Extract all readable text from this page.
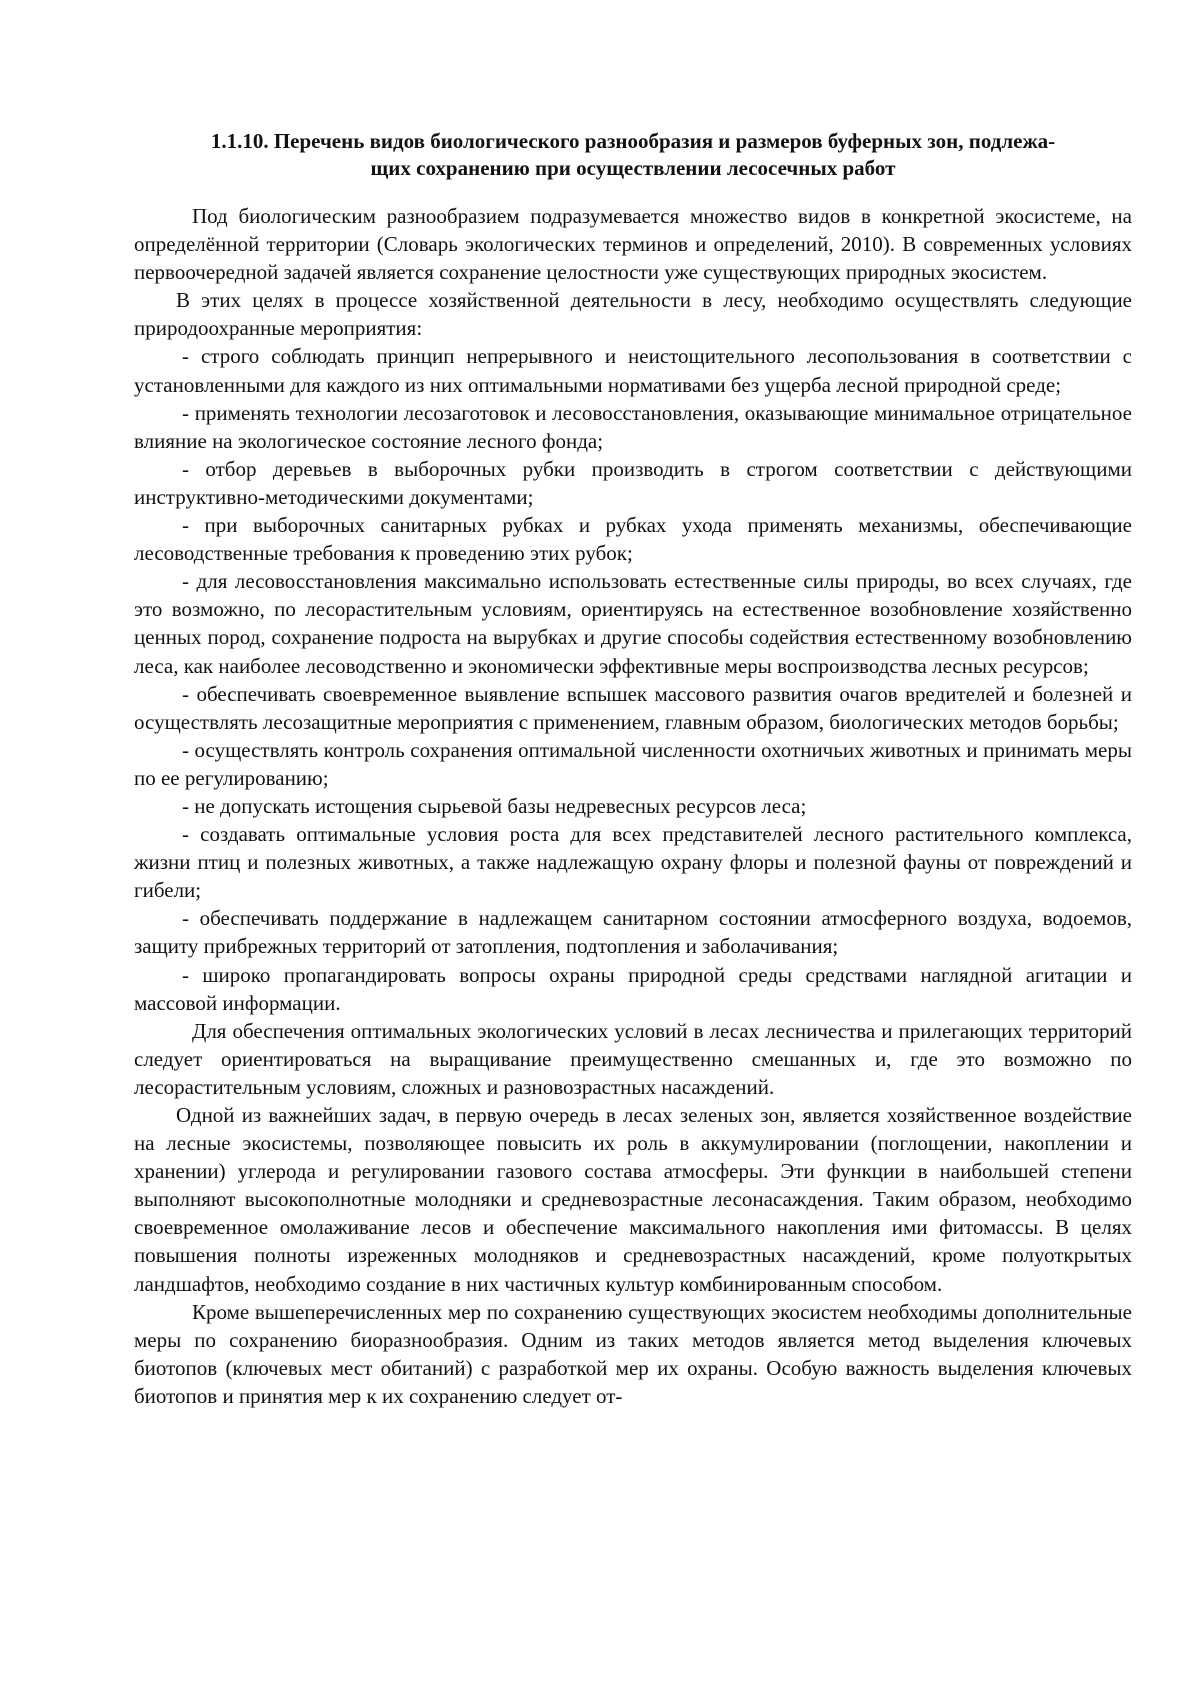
1.1.10. Перечень видов биологического разнообразия и размеров буферных зон, подлежа-
щих сохранению при осуществлении лесосечных работ

Под биологическим разнообразием подразумевается множество видов в конкретной экосистеме, на определённой территории (Словарь экологических терминов и определений, 2010). В современных условиях первоочередной задачей является сохранение целостности уже существующих природных экосистем.

В этих целях в процессе хозяйственной деятельности в лесу, необходимо осуществлять следующие природоохранные мероприятия:

- строго соблюдать принцип непрерывного и неистощительного лесопользования в соответствии с установленными для каждого из них оптимальными нормативами без ущерба лесной природной среде;

- применять технологии лесозаготовок и лесовосстановления, оказывающие минимальное отрицательное влияние на экологическое состояние лесного фонда;

- отбор деревьев в выборочных рубки производить в строгом соответствии с действующими инструктивно-методическими документами;

- при выборочных санитарных рубках и рубках ухода применять механизмы, обеспечивающие лесоводственные требования к проведению этих рубок;

- для лесовосстановления максимально использовать естественные силы природы, во всех случаях, где это возможно, по лесорастительным условиям, ориентируясь на естественное возобновление хозяйственно ценных пород, сохранение подроста на вырубках и другие способы содействия естественному возобновлению леса, как наиболее лесоводственно и экономически эффективные меры воспроизводства лесных ресурсов;

- обеспечивать своевременное выявление вспышек массового развития очагов вредителей и болезней и осуществлять лесозащитные мероприятия с применением, главным образом, биологических методов борьбы;

- осуществлять контроль сохранения оптимальной численности охотничьих животных и принимать меры по ее регулированию;

- не допускать истощения сырьевой базы недревесных ресурсов леса;

- создавать оптимальные условия роста для всех представителей лесного растительного комплекса, жизни птиц и полезных животных, а также надлежащую охрану флоры и полезной фауны от повреждений и гибели;

- обеспечивать поддержание в надлежащем санитарном состоянии атмосферного воздуха, водоемов, защиту прибрежных территорий от затопления, подтопления и заболачивания;

- широко пропагандировать вопросы охраны природной среды средствами наглядной агитации и массовой информации.

Для обеспечения оптимальных экологических условий в лесах лесничества и прилегающих территорий следует ориентироваться на выращивание преимущественно смешанных и, где это возможно по лесорастительным условиям, сложных и разновозрастных насаждений.

Одной из важнейших задач, в первую очередь в лесах зеленых зон, является хозяйственное воздействие на лесные экосистемы, позволяющее повысить их роль в аккумулировании (поглощении, накоплении и хранении) углерода и регулировании газового состава атмосферы. Эти функции в наибольшей степени выполняют высокополнотные молодняки и средневозрастные лесонасаждения. Таким образом, необходимо своевременное омолаживание лесов и обеспечение максимального накопления ими фитомассы. В целях повышения полноты изреженных молодняков и средневозрастных насаждений, кроме полуоткрытых ландшафтов, необходимо создание в них частичных культур комбинированным способом.

Кроме вышеперечисленных мер по сохранению существующих экосистем необходимы дополнительные меры по сохранению биоразнообразия. Одним из таких методов является метод выделения ключевых биотопов (ключевых мест обитаний) с разработкой мер их охраны. Особую важность выделения ключевых биотопов и принятия мер к их сохранению следует от-
